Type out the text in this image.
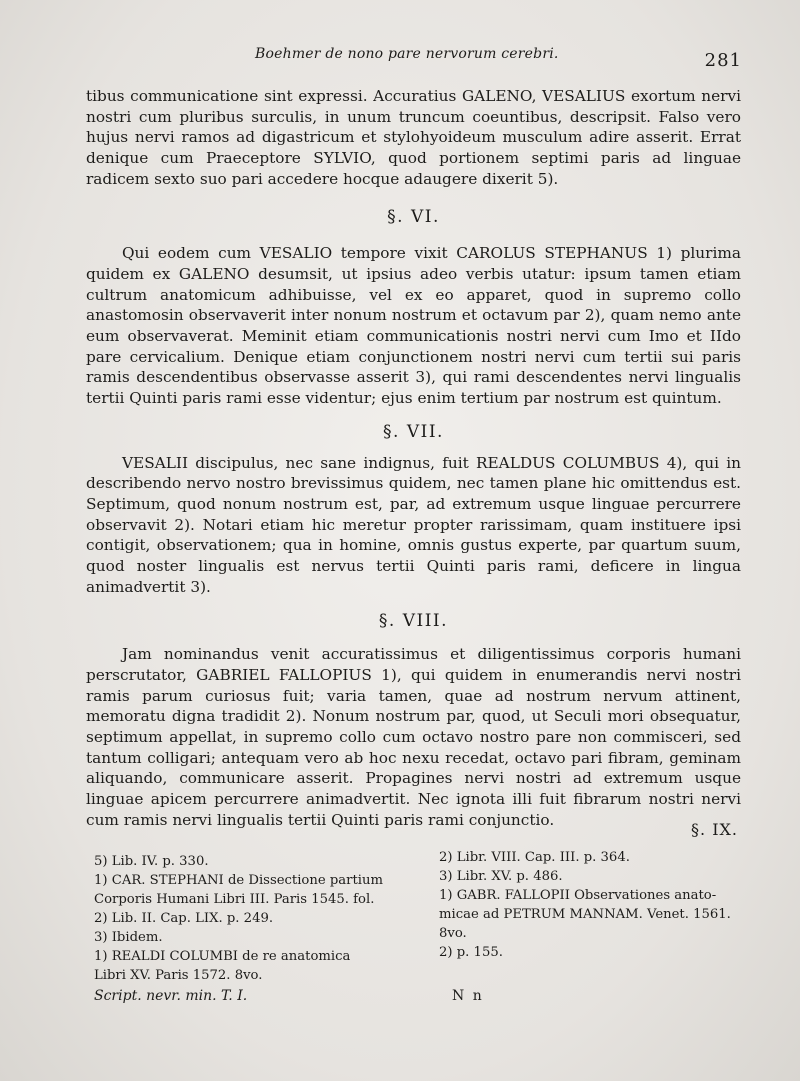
Boehmer de nono pare nervorum cerebri.	281

tibus communicatione sint expressi. Accuratius GALENO, VESALIUS exortum nervi nostri cum pluribus surculis, in unum truncum coeuntibus, descripsit. Falso vero hujus nervi ramos ad digastricum et stylohyoideum musculum adire asserit. Errat denique cum Praeceptore SYLVIO, quod portionem septimi paris ad linguae radicem sexto suo pari accedere hocque adaugere dixerit 5).

§. VI.

Qui eodem cum VESALIO tempore vixit CAROLUS STEPHANUS 1) plurima quidem ex GALENO desumsit, ut ipsius adeo verbis utatur: ipsum tamen etiam cultrum anatomicum adhibuisse, vel ex eo apparet, quod in supremo collo anastomosin observaverit inter nonum nostrum et octavum par 2), quam nemo ante eum observaverat. Meminit etiam communicationis nostri nervi cum Imo et IIdo pare cervicalium. Denique etiam conjunctionem nostri nervi cum tertii sui paris ramis descendentibus observasse asserit 3), qui rami descendentes nervi lingualis tertii Quinti paris rami esse videntur; ejus enim tertium par nostrum est quintum.

§. VII.

VESALII discipulus, nec sane indignus, fuit REALDUS COLUMBUS 4), qui in describendo nervo nostro brevissimus quidem, nec tamen plane hic omittendus est. Septimum, quod nonum nostrum est, par, ad extremum usque linguae percurrere observavit 2). Notari etiam hic meretur propter rarissimam, quam instituere ipsi contigit, observationem; qua in homine, omnis gustus experte, par quartum suum, quod noster lingualis est nervus tertii Quinti paris rami, deficere in lingua animadvertit 3).

§. VIII.

Jam nominandus venit accuratissimus et diligentissimus corporis humani perscrutator, GABRIEL FALLOPIUS 1), qui quidem in enumerandis nervi nostri ramis parum curiosus fuit; varia tamen, quae ad nostrum nervum attinent, memoratu digna tradidit 2). Nonum nostrum par, quod, ut Seculi mori obsequatur, septimum appellat, in supremo collo cum octavo nostro pare non commisceri, sed tantum colligari; antequam vero ab hoc nexu recedat, octavo pari fibram, geminam aliquando, communicare asserit. Propagines nervi nostri ad extremum usque linguae apicem percurrere animadvertit. Nec ignota illi fuit fibrarum nostri nervi cum ramis nervi lingualis tertii Quinti paris rami conjunctio.

§. IX.
5) Lib. IV. p. 330.
1) CAR. STEPHANI de Dissectione partium
Corporis Humani Libri III. Paris 1545. fol.
2) Lib. II. Cap. LIX. p. 249.
3) Ibidem.
1) REALDI COLUMBI de re anatomica
Libri XV. Paris 1572. 8vo.
2) Libr. VIII. Cap. III. p. 364.
3) Libr. XV. p. 486.
1) GABR. FALLOPII Observationes anato-
micae ad PETRUM MANNAM. Venet. 1561.
8vo.
2) p. 155.
Script. nevr. min. T. I.	N n
